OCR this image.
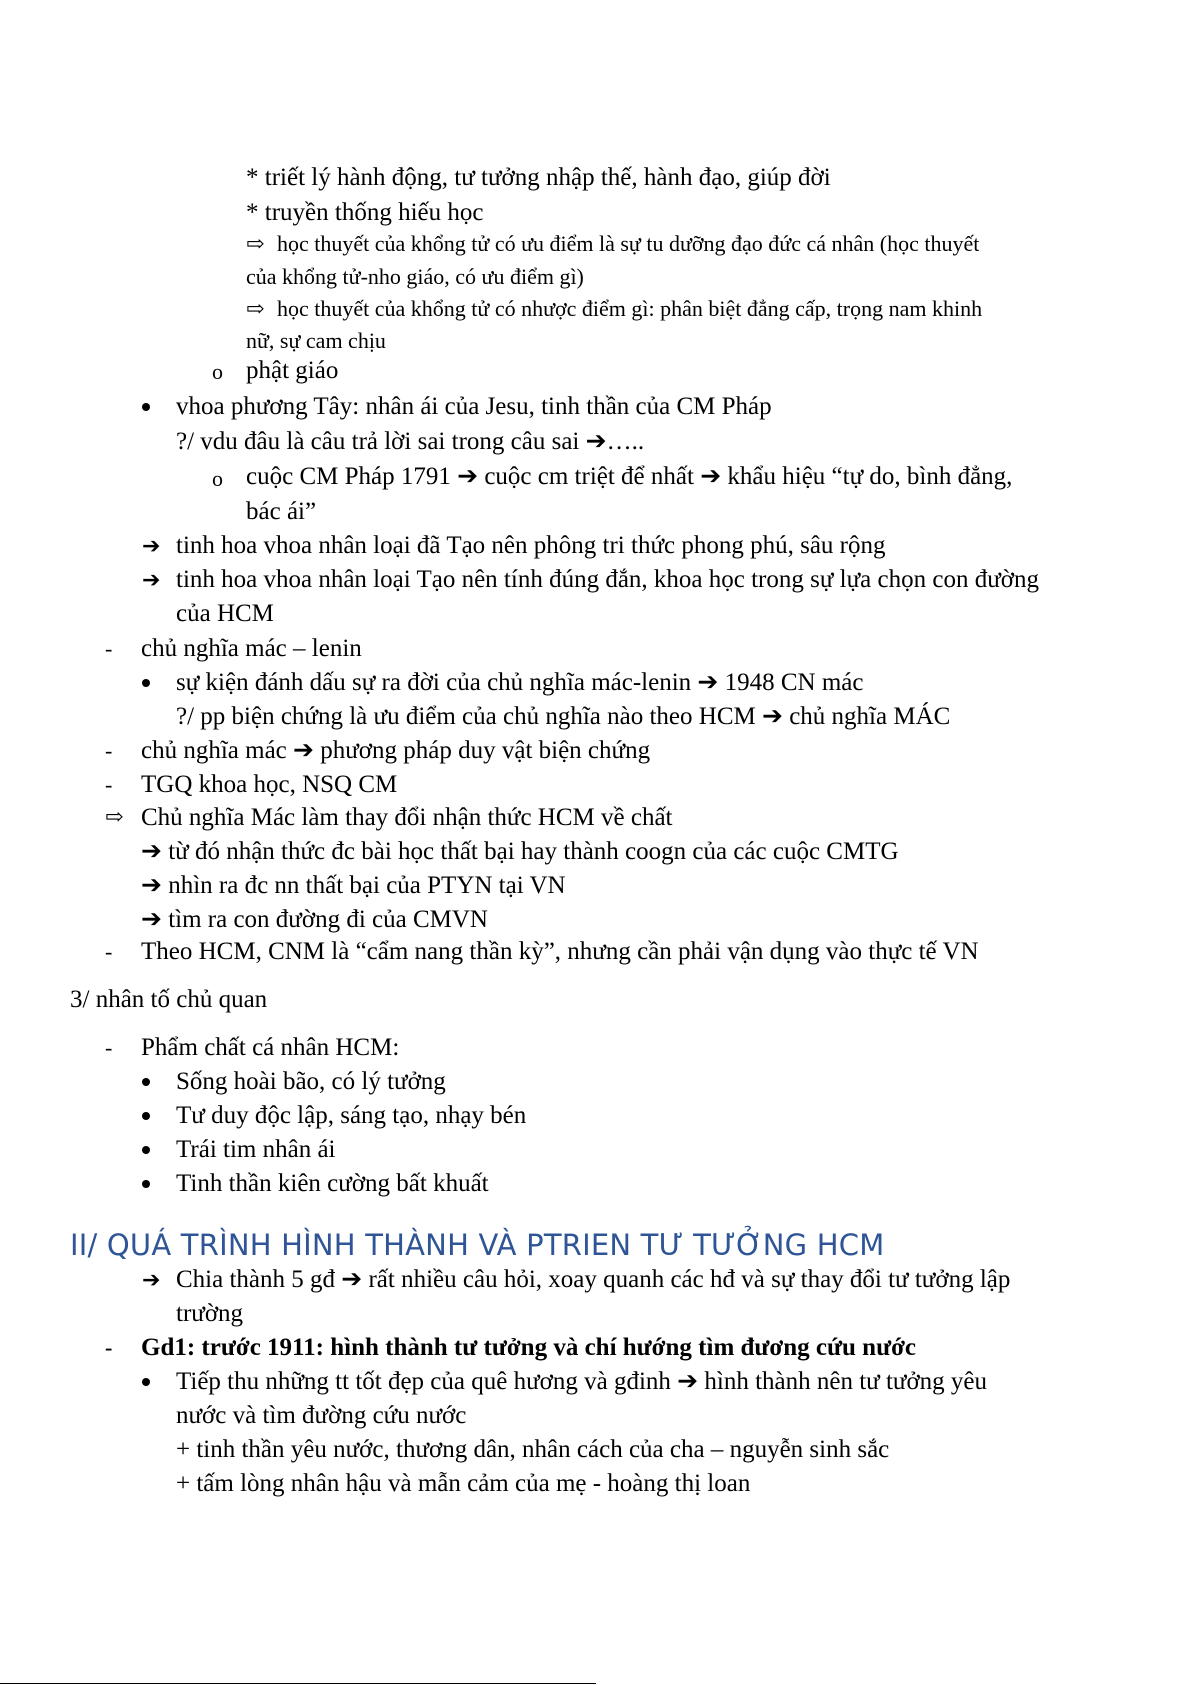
* triết lý hành động, tư tưởng nhập thế, hành đạo, giúp đời
* truyền thống hiếu học
⇨ học thuyết của khổng tử có ưu điểm là sự tu dưỡng đạo đức cá nhân (học thuyết
của khổng tử-nho giáo, có ưu điểm gì)
⇨ học thuyết của khổng tử có nhược điểm gì: phân biệt đẳng cấp, trọng nam khinh
nữ, sự cam chịu
o phật giáo
vhoa phương Tây: nhân ái của Jesu, tinh thần của CM Pháp
?/ vdu đâu là câu trả lời sai trong câu sai ➔…..
o cuộc CM Pháp 1791 ➔ cuộc cm triệt để nhất ➔ khẩu hiệu “tự do, bình đẳng,
bác ái”
➔ tinh hoa vhoa nhân loại đã Tạo nên phông tri thức phong phú, sâu rộng
➔ tinh hoa vhoa nhân loại Tạo nên tính đúng đắn, khoa học trong sự lựa chọn con đường
của HCM
- chủ nghĩa mác – lenin
sự kiện đánh dấu sự ra đời của chủ nghĩa mác-lenin ➔ 1948 CN mác
?/ pp biện chứng là ưu điểm của chủ nghĩa nào theo HCM ➔ chủ nghĩa MÁC
- chủ nghĩa mác ➔ phương pháp duy vật biện chứng
- TGQ khoa học, NSQ CM
⇨ Chủ nghĩa Mác làm thay đổi nhận thức HCM về chất
➔ từ đó nhận thức đc bài học thất bại hay thành coogn của các cuộc CMTG
➔ nhìn ra đc nn thất bại của PTYN tại VN
➔ tìm ra con đường đi của CMVN
- Theo HCM, CNM là “cẩm nang thần kỳ”, nhưng cần phải vận dụng vào thực tế VN
3/ nhân tố chủ quan
- Phẩm chất cá nhân HCM:
Sống hoài bão, có lý tưởng
Tư duy độc lập, sáng tạo, nhạy bén
Trái tim nhân ái
Tinh thần kiên cường bất khuất
II/ QUÁ TRÌNH HÌNH THÀNH VÀ PTRIEN TƯ TƯỞNG HCM
➔ Chia thành 5 gđ ➔ rất nhiều câu hỏi, xoay quanh các hđ và sự thay đổi tư tưởng lập
trường
- Gd1: trước 1911: hình thành tư tưởng và chí hướng tìm đương cứu nước
Tiếp thu những tt tốt đẹp của quê hương và gđinh ➔ hình thành nên tư tưởng yêu
nước và tìm đường cứu nước
+ tinh thần yêu nước, thương dân, nhân cách của cha – nguyễn sinh sắc
+ tấm lòng nhân hậu và mẫn cảm của mẹ - hoàng thị loan
